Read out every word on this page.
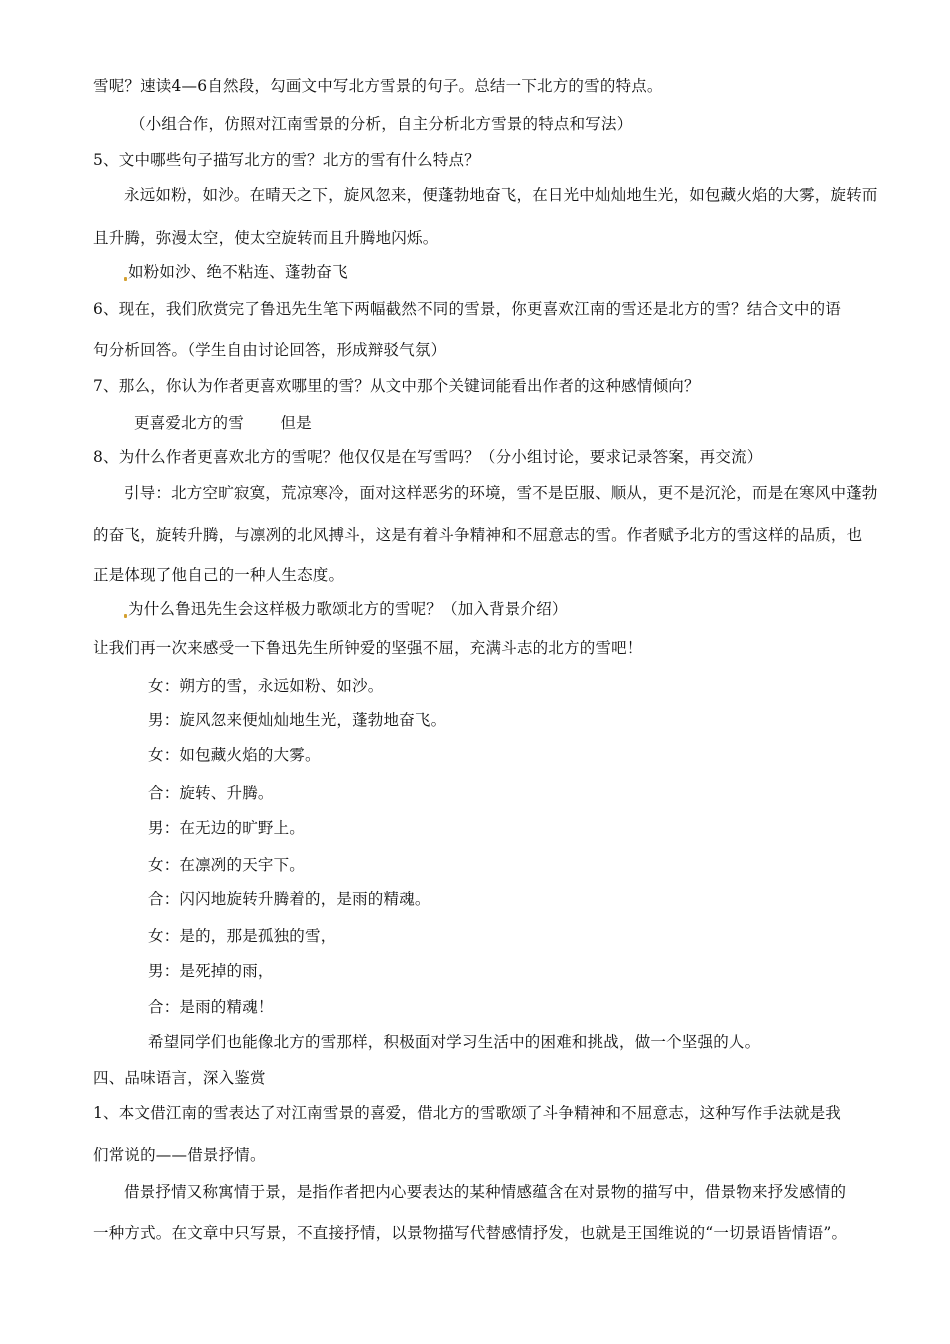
雪呢？速读4—6自然段，勾画文中写北方雪景的句子。总结一下北方的雪的特点。
（小组合作，仿照对江南雪景的分析，自主分析北方雪景的特点和写法）
5、文中哪些句子描写北方的雪？北方的雪有什么特点？
永远如粉，如沙。在晴天之下，旋风忽来，便蓬勃地奋飞，在日光中灿灿地生光，如包藏火焰的大雾，旋转而
且升腾，弥漫太空，使太空旋转而且升腾地闪烁。
如粉如沙、绝不粘连、蓬勃奋飞
6、现在，我们欣赏完了鲁迅先生笔下两幅截然不同的雪景，你更喜欢江南的雪还是北方的雪？结合文中的语
句分析回答。（学生自由讨论回答，形成辩驳气氛）
7、那么，你认为作者更喜欢哪里的雪？从文中那个关键词能看出作者的这种感情倾向？
更喜爱北方的雪　　 但是
8、为什么作者更喜欢北方的雪呢？他仅仅是在写雪吗？（分小组讨论，要求记录答案，再交流）
引导：北方空旷寂寞，荒凉寒冷，面对这样恶劣的环境，雪不是臣服、顺从，更不是沉沦，而是在寒风中蓬勃
的奋飞，旋转升腾，与凛冽的北风搏斗，这是有着斗争精神和不屈意志的雪。作者赋予北方的雪这样的品质，也
正是体现了他自己的一种人生态度。
为什么鲁迅先生会这样极力歌颂北方的雪呢？（加入背景介绍）
让我们再一次来感受一下鲁迅先生所钟爱的坚强不屈，充满斗志的北方的雪吧！
女：朔方的雪，永远如粉、如沙。
男：旋风忽来便灿灿地生光，蓬勃地奋飞。
女：如包藏火焰的大雾。
合：旋转、升腾。
男：在无边的旷野上。
女：在凛冽的天宇下。
合：闪闪地旋转升腾着的，是雨的精魂。
女：是的，那是孤独的雪，
男：是死掉的雨，
合：是雨的精魂！
希望同学们也能像北方的雪那样，积极面对学习生活中的困难和挑战，做一个坚强的人。
四、品味语言，深入鉴赏
1、本文借江南的雪表达了对江南雪景的喜爱，借北方的雪歌颂了斗争精神和不屈意志，这种写作手法就是我
们常说的——借景抒情。
借景抒情又称寓情于景，是指作者把内心要表达的某种情感蕴含在对景物的描写中，借景物来抒发感情的
一种方式。在文章中只写景，不直接抒情，以景物描写代替感情抒发，也就是王国维说的“一切景语皆情语”。
